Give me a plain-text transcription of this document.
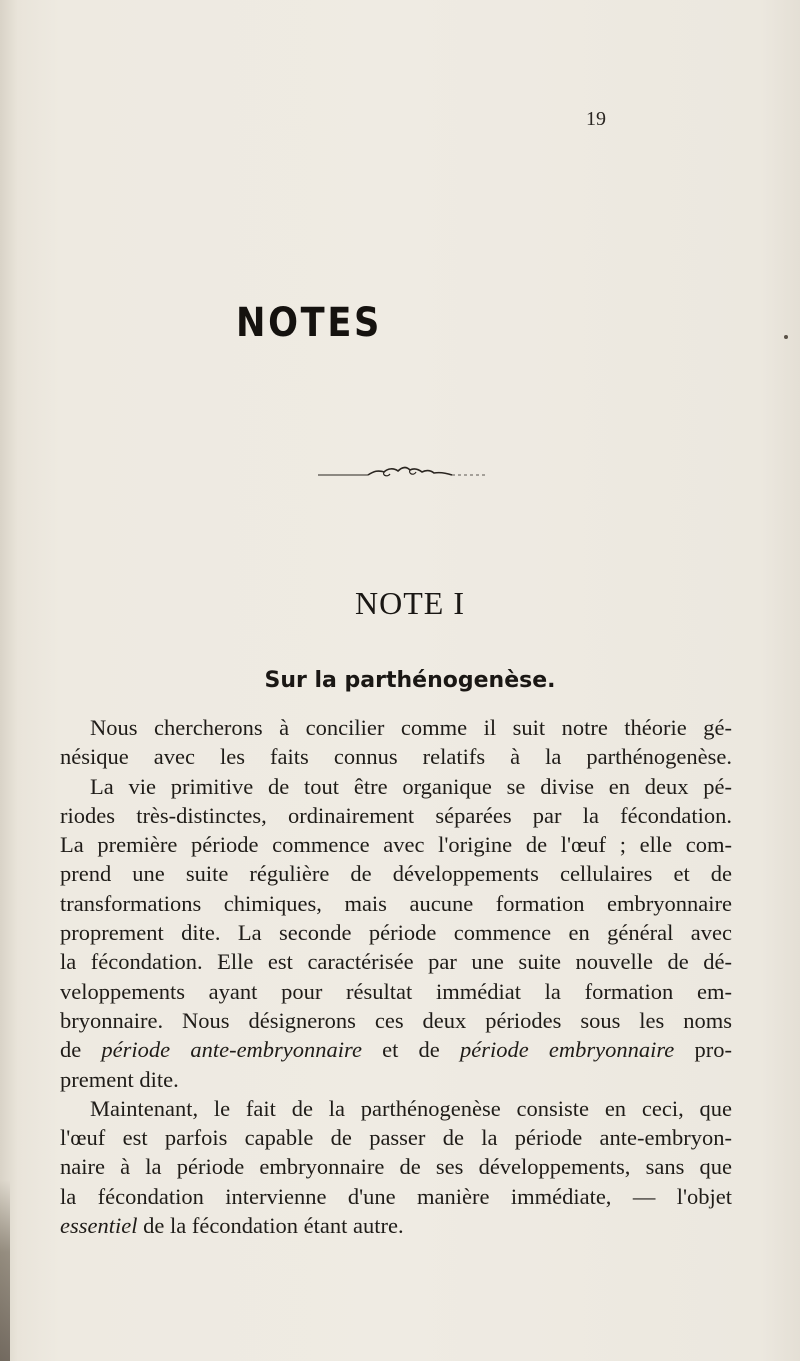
19
NOTES
NOTE I
Sur la parthénogenèse.
Nous chercherons à concilier comme il suit notre théorie gé-
nésique avec les faits connus relatifs à la parthénogenèse.
La vie primitive de tout être organique se divise en deux pé-
riodes très-distinctes, ordinairement séparées par la fécondation.
La première période commence avec l'origine de l'œuf ; elle com-
prend une suite régulière de développements cellulaires et de
transformations chimiques, mais aucune formation embryonnaire
proprement dite. La seconde période commence en général avec
la fécondation. Elle est caractérisée par une suite nouvelle de dé-
veloppements ayant pour résultat immédiat la formation em-
bryonnaire. Nous désignerons ces deux périodes sous les noms
de période ante-embryonnaire et de période embryonnaire pro-
prement dite.
Maintenant, le fait de la parthénogenèse consiste en ceci, que
l'œuf est parfois capable de passer de la période ante-embryon-
naire à la période embryonnaire de ses développements, sans que
la fécondation intervienne d'une manière immédiate, — l'objet
essentiel de la fécondation étant autre.
